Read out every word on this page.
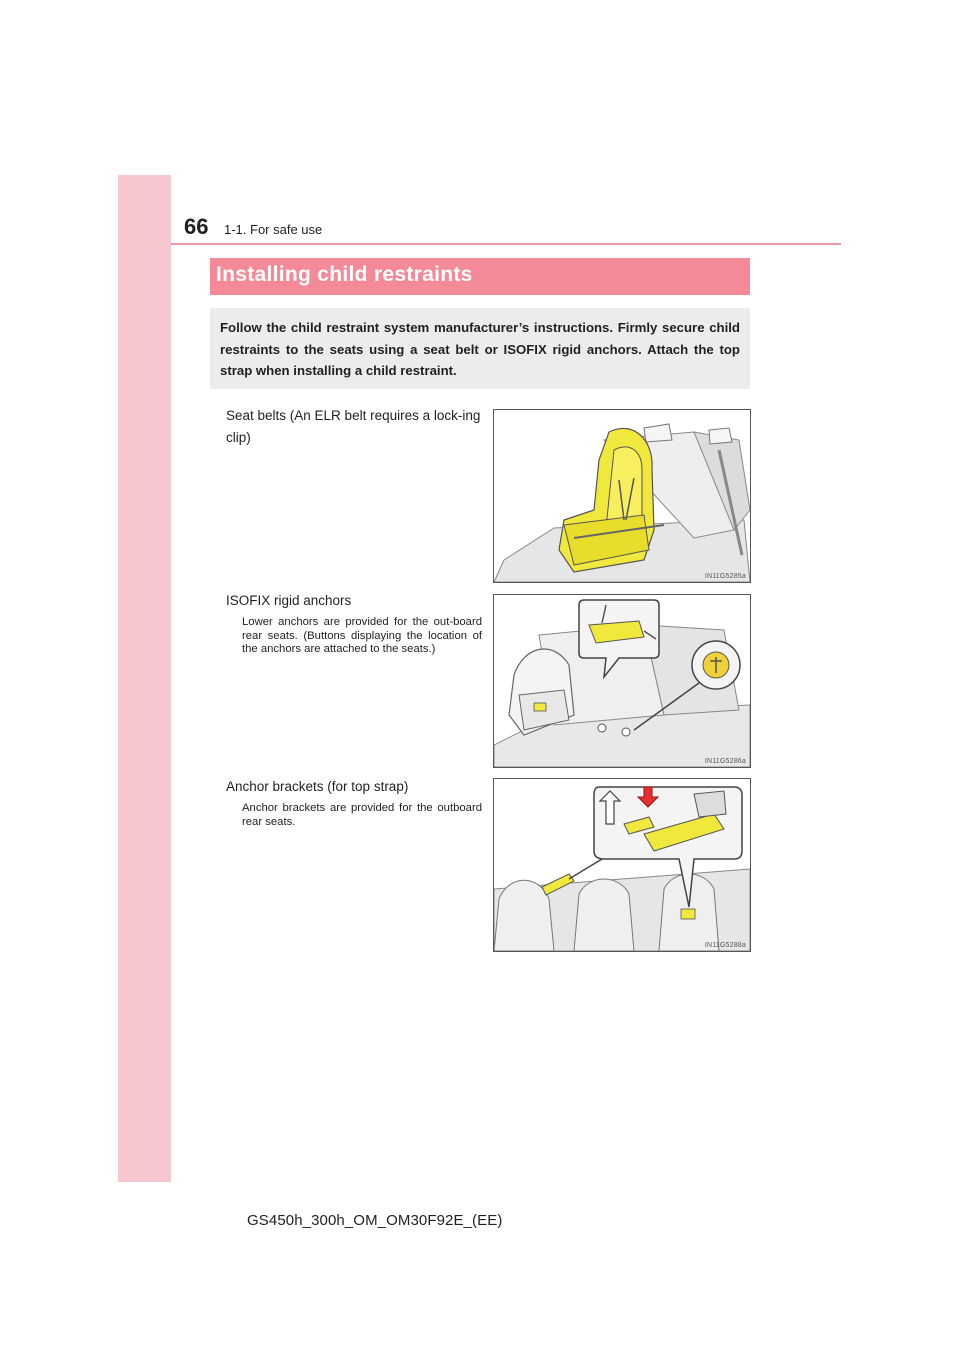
66 1-1. For safe use
Installing child restraints

Follow the child restraint system manufacturer’s instructions. Firmly secure child restraints to the seats using a seat belt or ISOFIX rigid anchors. Attach the top strap when installing a child restraint.

Seat belts (An ELR belt requires a lock-ing clip)
IN11G5285a
ISOFIX rigid anchors
Lower anchors are provided for the out-board rear seats. (Buttons displaying the location of the anchors are attached to the seats.)
IN11G5286a
Anchor brackets (for top strap)
Anchor brackets are provided for the outboard rear seats.
IN11G5288a
GS450h_300h_OM_OM30F92E_(EE)
